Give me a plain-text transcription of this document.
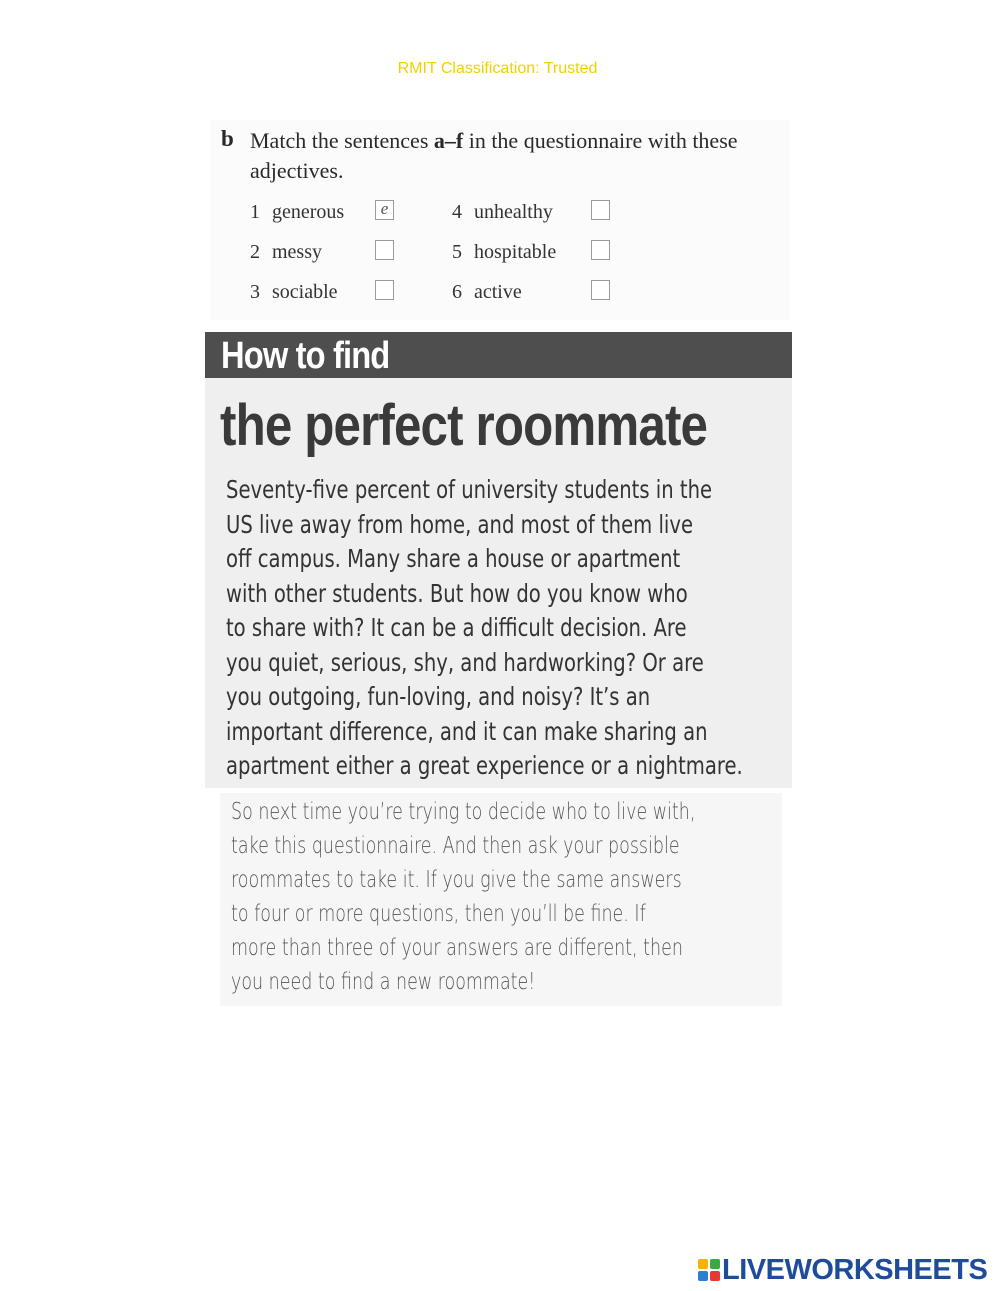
RMIT Classification: Trusted
b Match the sentences a–f in the questionnaire with these adjectives.
1 generous	e
2 messy
3 sociable
4 unhealthy
5 hospitable
6 active
How to find
the perfect roommate
Seventy-five percent of university students in the
US live away from home, and most of them live
off campus. Many share a house or apartment
with other students. But how do you know who
to share with? It can be a difficult decision. Are
you quiet, serious, shy, and hardworking? Or are
you outgoing, fun-loving, and noisy? It’s an
important difference, and it can make sharing an
apartment either a great experience or a nightmare.
So next time you’re trying to decide who to live with,
take this questionnaire. And then ask your possible
roommates to take it. If you give the same answers
to four or more questions, then you’ll be fine. If
more than three of your answers are different, then
you need to find a new roommate!
LIVEWORKSHEETS
